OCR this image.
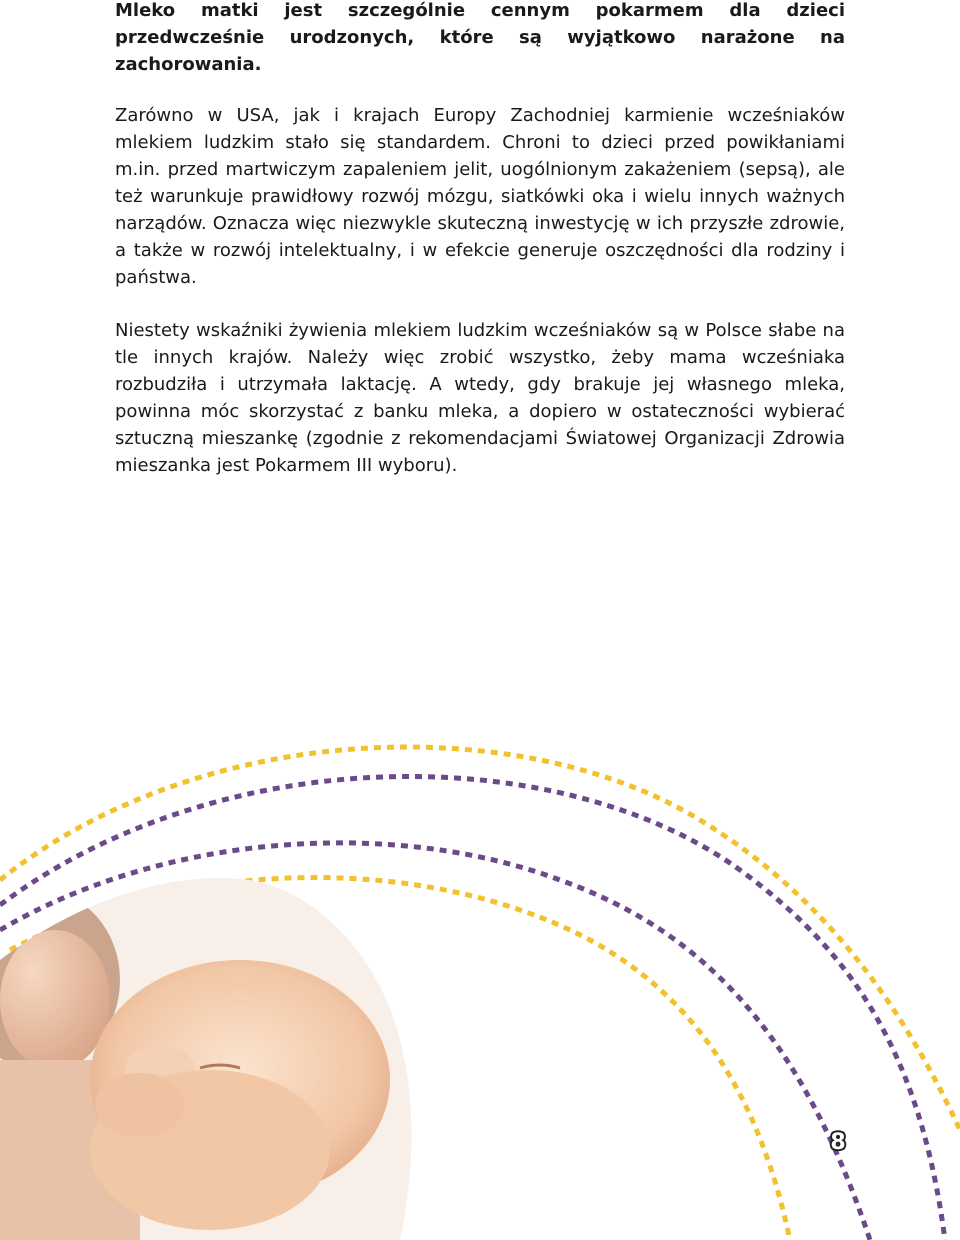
Mleko matki jest szczególnie cennym pokarmem dla dzieci przedwcześnie urodzonych, które są wyjątkowo narażone na zachorowania.

Zarówno w USA, jak i krajach Europy Zachodniej karmienie wcześniaków mlekiem ludzkim stało się standardem. Chroni to dzieci przed powikłaniami m.in. przed martwiczym zapaleniem jelit, uogólnionym zakażeniem (sepsą), ale też warunkuje prawidłowy rozwój mózgu, siatkówki oka i wielu innych ważnych narządów. Oznacza więc niezwykle skuteczną inwestycję w ich przyszłe zdrowie, a także w rozwój intelektualny, i w efekcie generuje oszczędności dla rodziny i państwa.

Niestety wskaźniki żywienia mlekiem ludzkim wcześniaków są w Polsce słabe na tle innych krajów. Należy więc zrobić wszystko, żeby mama wcześniaka rozbudziła i utrzymała laktację. A wtedy, gdy brakuje jej własnego mleka, powinna móc skorzystać z banku mleka, a dopiero w ostateczności wybierać sztuczną mieszankę (zgodnie z rekomendacjami Światowej Organizacji Zdrowia mieszanka jest Pokarmem III wyboru).

8
